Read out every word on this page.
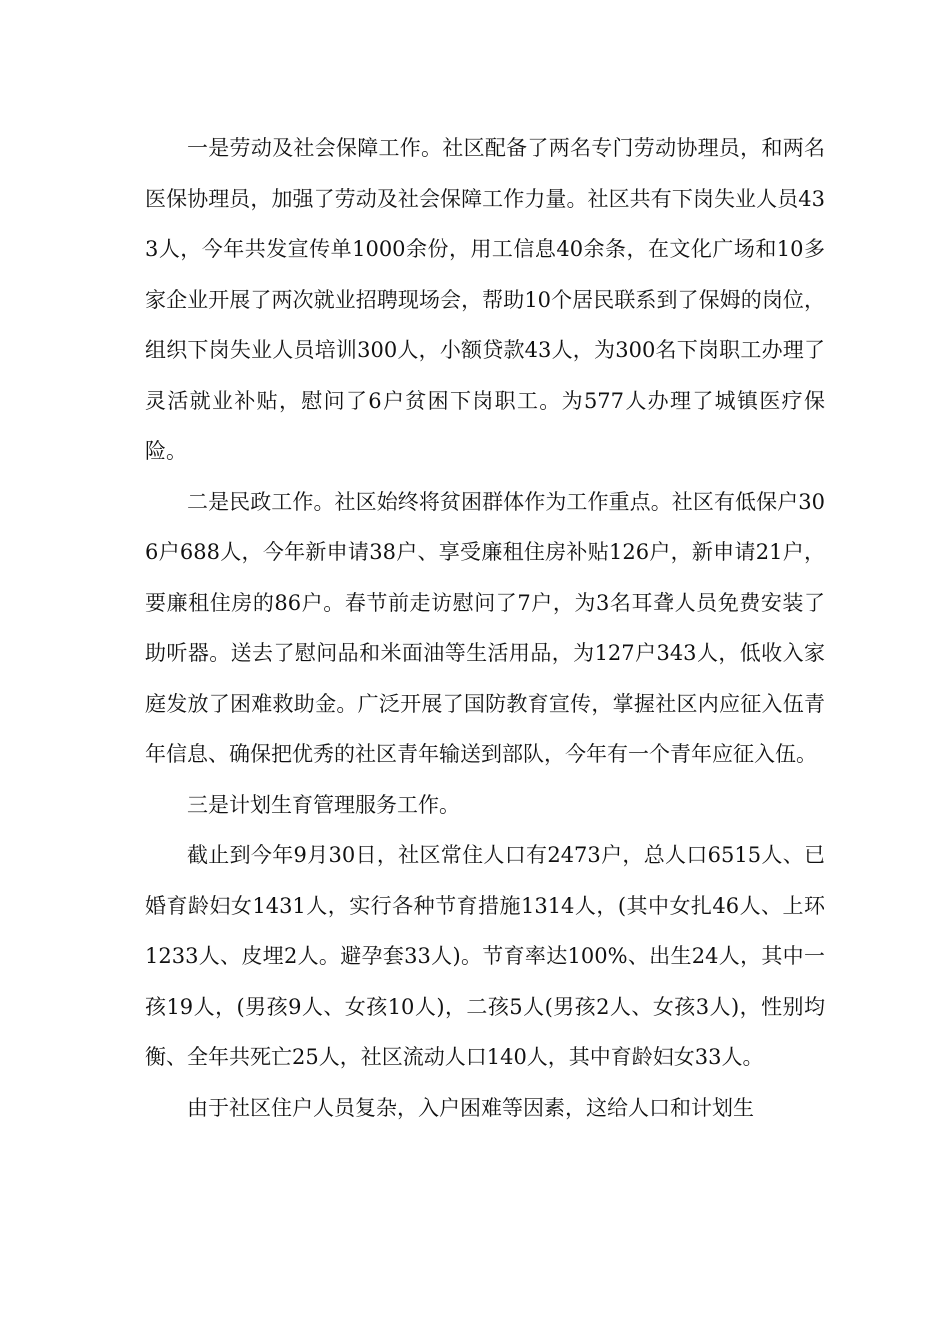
一是劳动及社会保障工作。社区配备了两名专门劳动协理员，和两名医保协理员，加强了劳动及社会保障工作力量。社区共有下岗失业人员433人，今年共发宣传单1000余份，用工信息40余条，在文化广场和10多家企业开展了两次就业招聘现场会，帮助10个居民联系到了保姆的岗位，组织下岗失业人员培训300人，小额贷款43人，为300名下岗职工办理了灵活就业补贴，慰问了6户贫困下岗职工。为577人办理了城镇医疗保险。

二是民政工作。社区始终将贫困群体作为工作重点。社区有低保户306户688人，今年新申请38户、享受廉租住房补贴126户，新申请21户，要廉租住房的86户。春节前走访慰问了7户，为3名耳聋人员免费安装了助听器。送去了慰问品和米面油等生活用品，为127户343人，低收入家庭发放了困难救助金。广泛开展了国防教育宣传，掌握社区内应征入伍青年信息、确保把优秀的社区青年输送到部队，今年有一个青年应征入伍。

三是计划生育管理服务工作。

截止到今年9月30日，社区常住人口有2473户，总人口6515人、已婚育龄妇女1431人，实行各种节育措施1314人，(其中女扎46人、上环1233人、皮埋2人。避孕套33人)。节育率达100%、出生24人，其中一孩19人，(男孩9人、女孩10人)，二孩5人(男孩2人、女孩3人)，性别均衡、全年共死亡25人，社区流动人口140人，其中育龄妇女33人。

由于社区住户人员复杂，入户困难等因素，这给人口和计划生
